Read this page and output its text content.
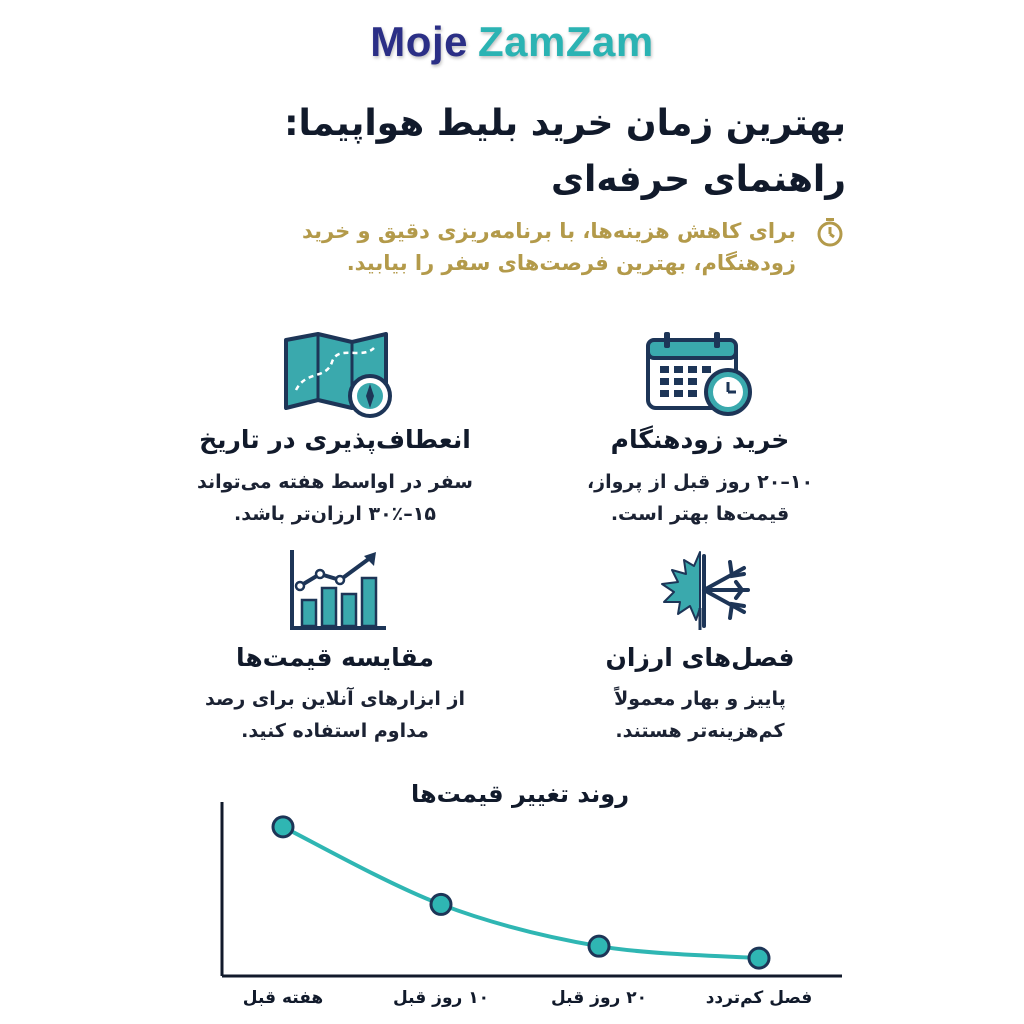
Moje ZamZam
بهترین زمان خرید بلیط هواپیما:
راهنمای حرفه‌ای
برای کاهش هزینه‌ها، با برنامه‌ریزی دقیق و خرید
زودهنگام، بهترین فرصت‌های سفر را بیابید.
خرید زودهنگام
۱۰–۲۰ روز قبل از پرواز،
قیمت‌ها بهتر است.
انعطاف‌پذیری در تاریخ
سفر در اواسط هفته می‌تواند
۱۵–۳۰٪ ارزان‌تر باشد.
فصل‌های ارزان
پاییز و بهار معمولاً
کم‌هزینه‌تر هستند.
مقایسه قیمت‌ها
از ابزارهای آنلاین برای رصد
مداوم استفاده کنید.
روند تغییر قیمت‌ها
هفته قبل	۱۰ روز قبل	۲۰ روز قبل	فصل کم‌تردد
